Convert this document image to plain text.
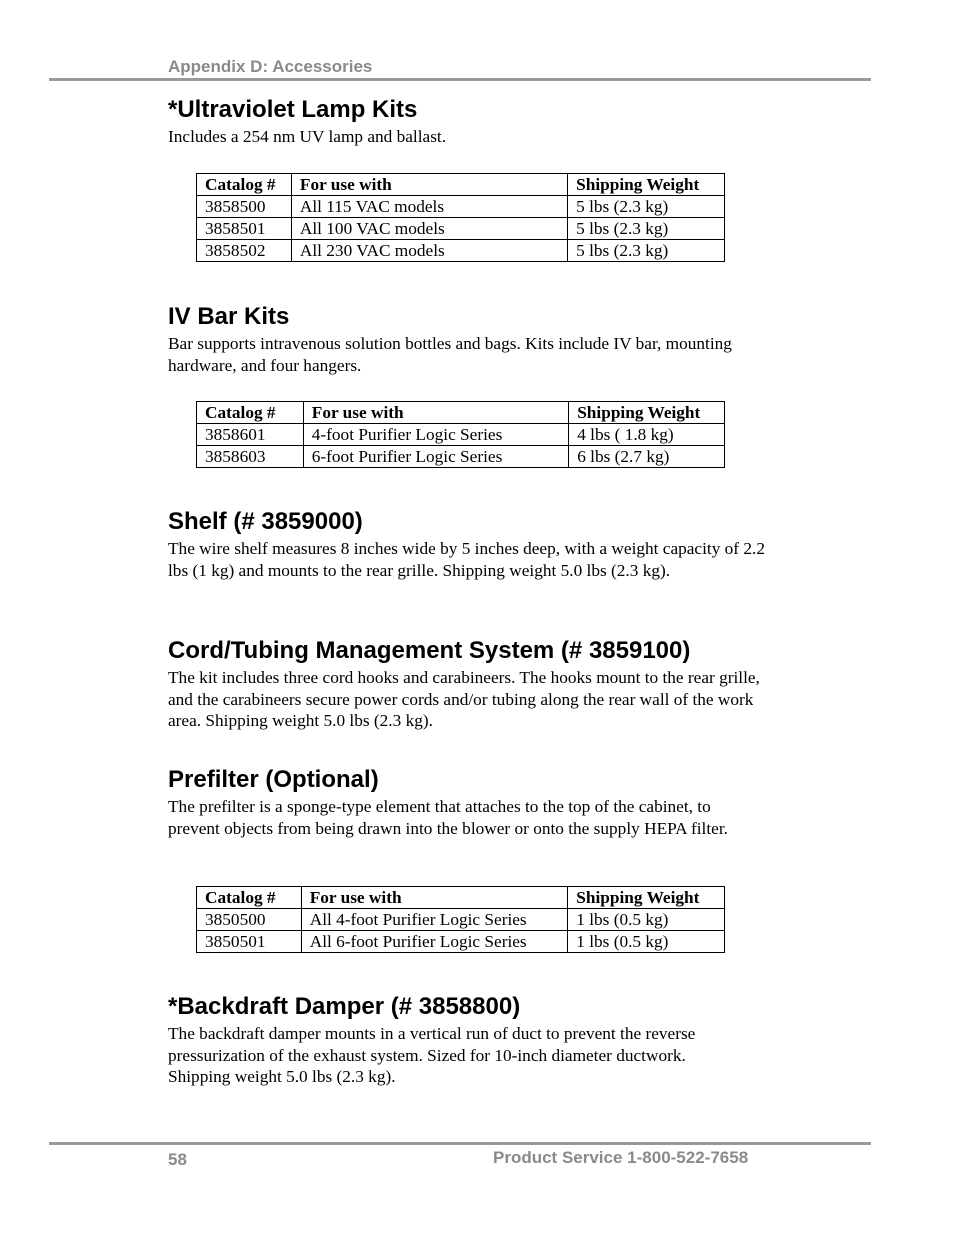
Appendix D: Accessories

*Ultraviolet Lamp Kits

Includes a 254 nm UV lamp and ballast.

Catalog #	For use with	Shipping Weight
3858500	All 115 VAC models	5 lbs (2.3 kg)
3858501	All 100 VAC models	5 lbs (2.3 kg)
3858502	All 230 VAC models	5 lbs (2.3 kg)
IV Bar Kits

Bar supports intravenous solution bottles and bags. Kits include IV bar, mounting hardware, and four hangers.

Catalog #	For use with	Shipping Weight
3858601	4-foot Purifier Logic Series	4 lbs ( 1.8 kg)
3858603	6-foot Purifier Logic Series	6 lbs (2.7 kg)
Shelf (# 3859000)

The wire shelf measures 8 inches wide by 5 inches deep, with a weight capacity of 2.2 lbs (1 kg) and mounts to the rear grille. Shipping weight 5.0 lbs (2.3 kg).

Cord/Tubing Management System (# 3859100)

The kit includes three cord hooks and carabineers. The hooks mount to the rear grille, and the carabineers secure power cords and/or tubing along the rear wall of the work area. Shipping weight 5.0 lbs (2.3 kg).

Prefilter (Optional)

The prefilter is a sponge-type element that attaches to the top of the cabinet, to prevent objects from being drawn into the blower or onto the supply HEPA filter.

Catalog #	For use with	Shipping Weight
3850500	All 4-foot Purifier Logic Series	1 lbs (0.5 kg)
3850501	All 6-foot Purifier Logic Series	1 lbs (0.5 kg)
*Backdraft Damper (# 3858800)

The backdraft damper mounts in a vertical run of duct to prevent the reverse pressurization of the exhaust system. Sized for 10-inch diameter ductwork. Shipping weight 5.0 lbs (2.3 kg).

58	Product Service 1-800-522-7658
